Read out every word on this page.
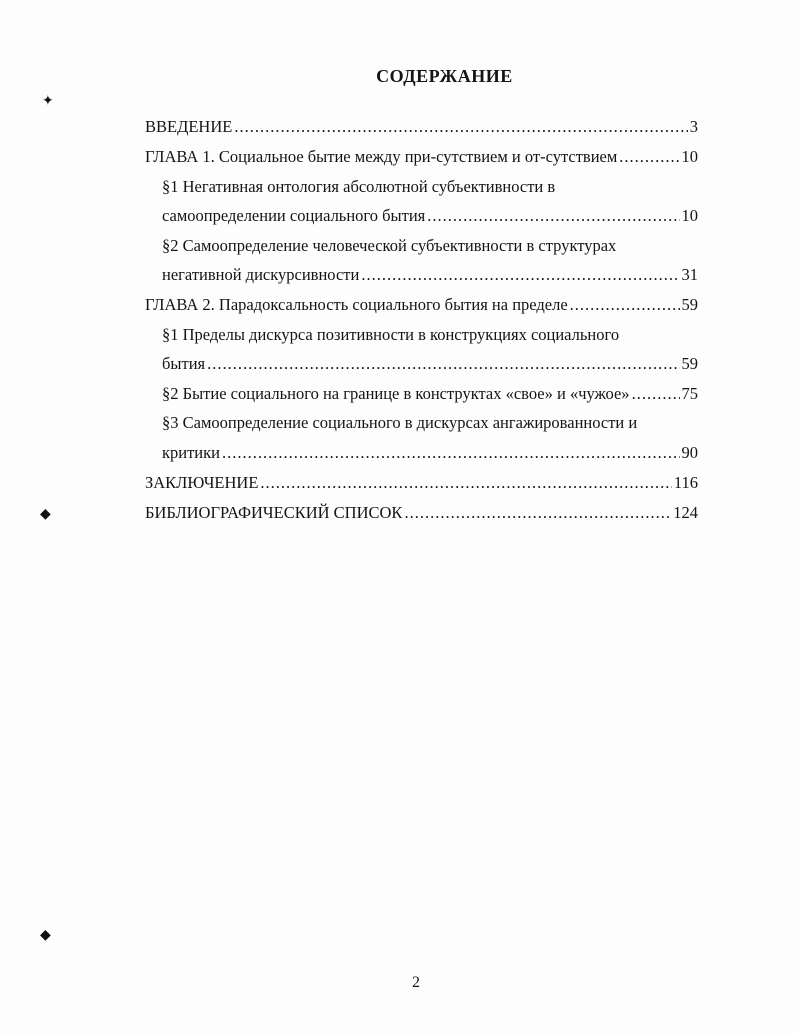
✦
◆
◆
СОДЕРЖАНИЕ
ВВЕДЕНИЕ .....	3
ГЛАВА 1. Социальное бытие между при-сутствием и от-сутствием .....	10
§1 Негативная онтология абсолютной субъективности в
самоопределении социального бытия .....	10
§2 Самоопределение человеческой субъективности в структурах
негативной дискурсивности .....	31
ГЛАВА 2. Парадоксальность социального бытия на пределе .....	59
§1 Пределы дискурса позитивности в конструкциях социального
бытия .....	59
§2 Бытие социального на границе в конструктах «свое» и «чужое» .....	75
§3 Самоопределение социального в дискурсах ангажированности и
критики .....	90
ЗАКЛЮЧЕНИЕ .....	116
БИБЛИОГРАФИЧЕСКИЙ СПИСОК .....	124
2
